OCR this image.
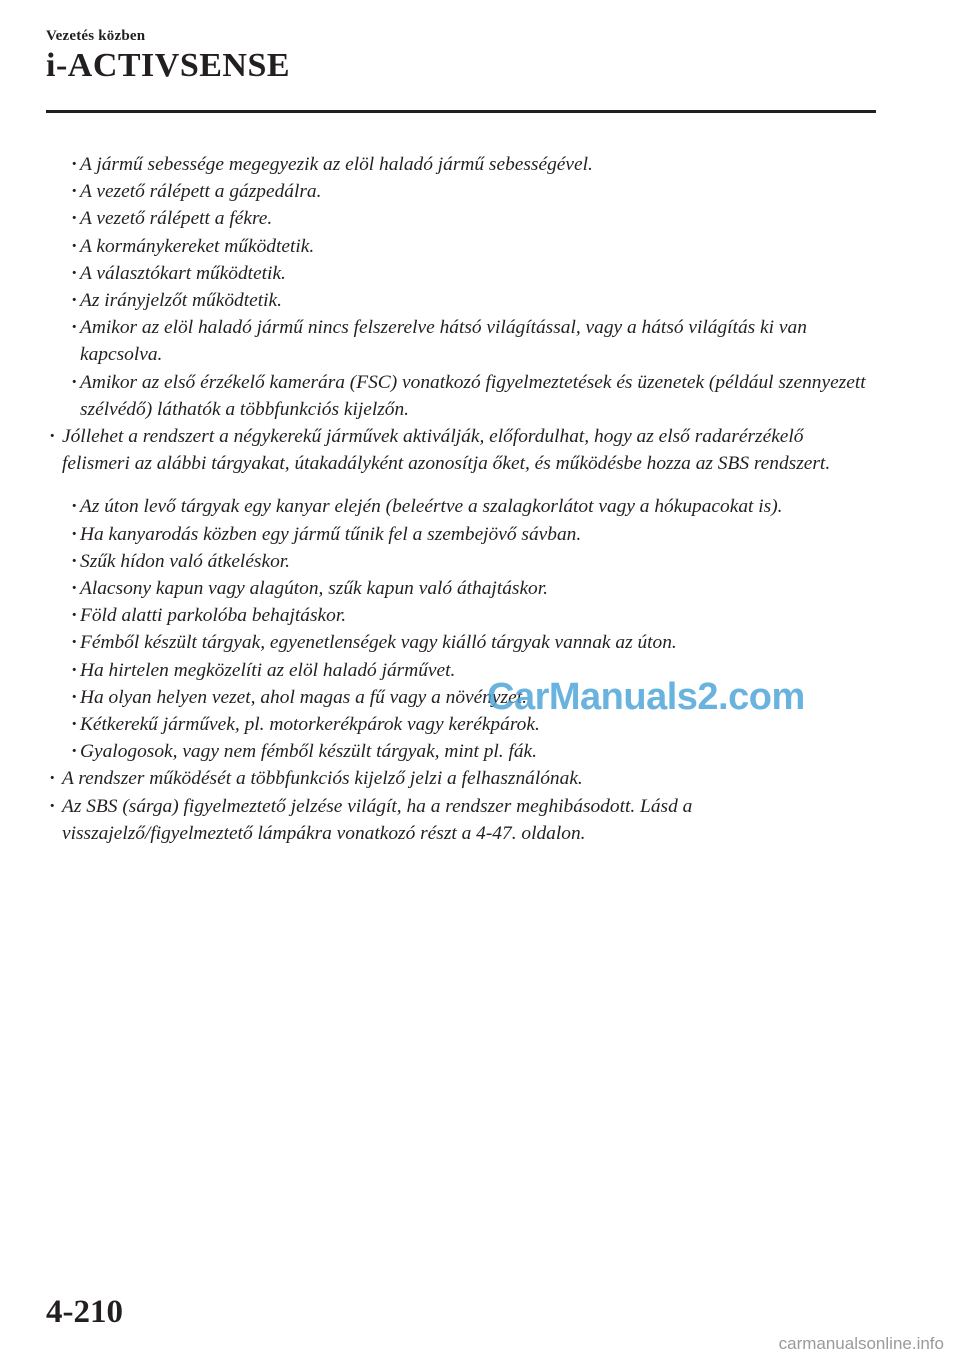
Vezetés közben
i-ACTIVSENSE
· A jármű sebessége megegyezik az elöl haladó jármű sebességével.
· A vezető rálépett a gázpedálra.
· A vezető rálépett a fékre.
· A kormánykereket működtetik.
· A választókart működtetik.
· Az irányjelzőt működtetik.
· Amikor az elöl haladó jármű nincs felszerelve hátsó világítással, vagy a hátsó világítás ki van kapcsolva.
· Amikor az első érzékelő kamerára (FSC) vonatkozó figyelmeztetések és üzenetek (például szennyezett szélvédő) láthatók a többfunkciós kijelzőn.
· Jóllehet a rendszert a négykerekű járművek aktiválják, előfordulhat, hogy az első radarérzékelő felismeri az alábbi tárgyakat, útakadályként azonosítja őket, és működésbe hozza az SBS rendszert.
· Az úton levő tárgyak egy kanyar elején (beleértve a szalagkorlátot vagy a hókupacokat is).
· Ha kanyarodás közben egy jármű tűnik fel a szembejövő sávban.
· Szűk hídon való átkeléskor.
· Alacsony kapun vagy alagúton, szűk kapun való áthajtáskor.
· Föld alatti parkolóba behajtáskor.
· Fémből készült tárgyak, egyenetlenségek vagy kiálló tárgyak vannak az úton.
· Ha hirtelen megközelíti az elöl haladó járművet.
· Ha olyan helyen vezet, ahol magas a fű vagy a növényzet.
· Kétkerekű járművek, pl. motorkerékpárok vagy kerékpárok.
· Gyalogosok, vagy nem fémből készült tárgyak, mint pl. fák.
· A rendszer működését a többfunkciós kijelző jelzi a felhasználónak.
· Az SBS (sárga) figyelmeztető jelzése világít, ha a rendszer meghibásodott. Lásd a visszajelző/figyelmeztető lámpákra vonatkozó részt a 4-47. oldalon.
CarManuals2.com
4-210
carmanualsonline.info
